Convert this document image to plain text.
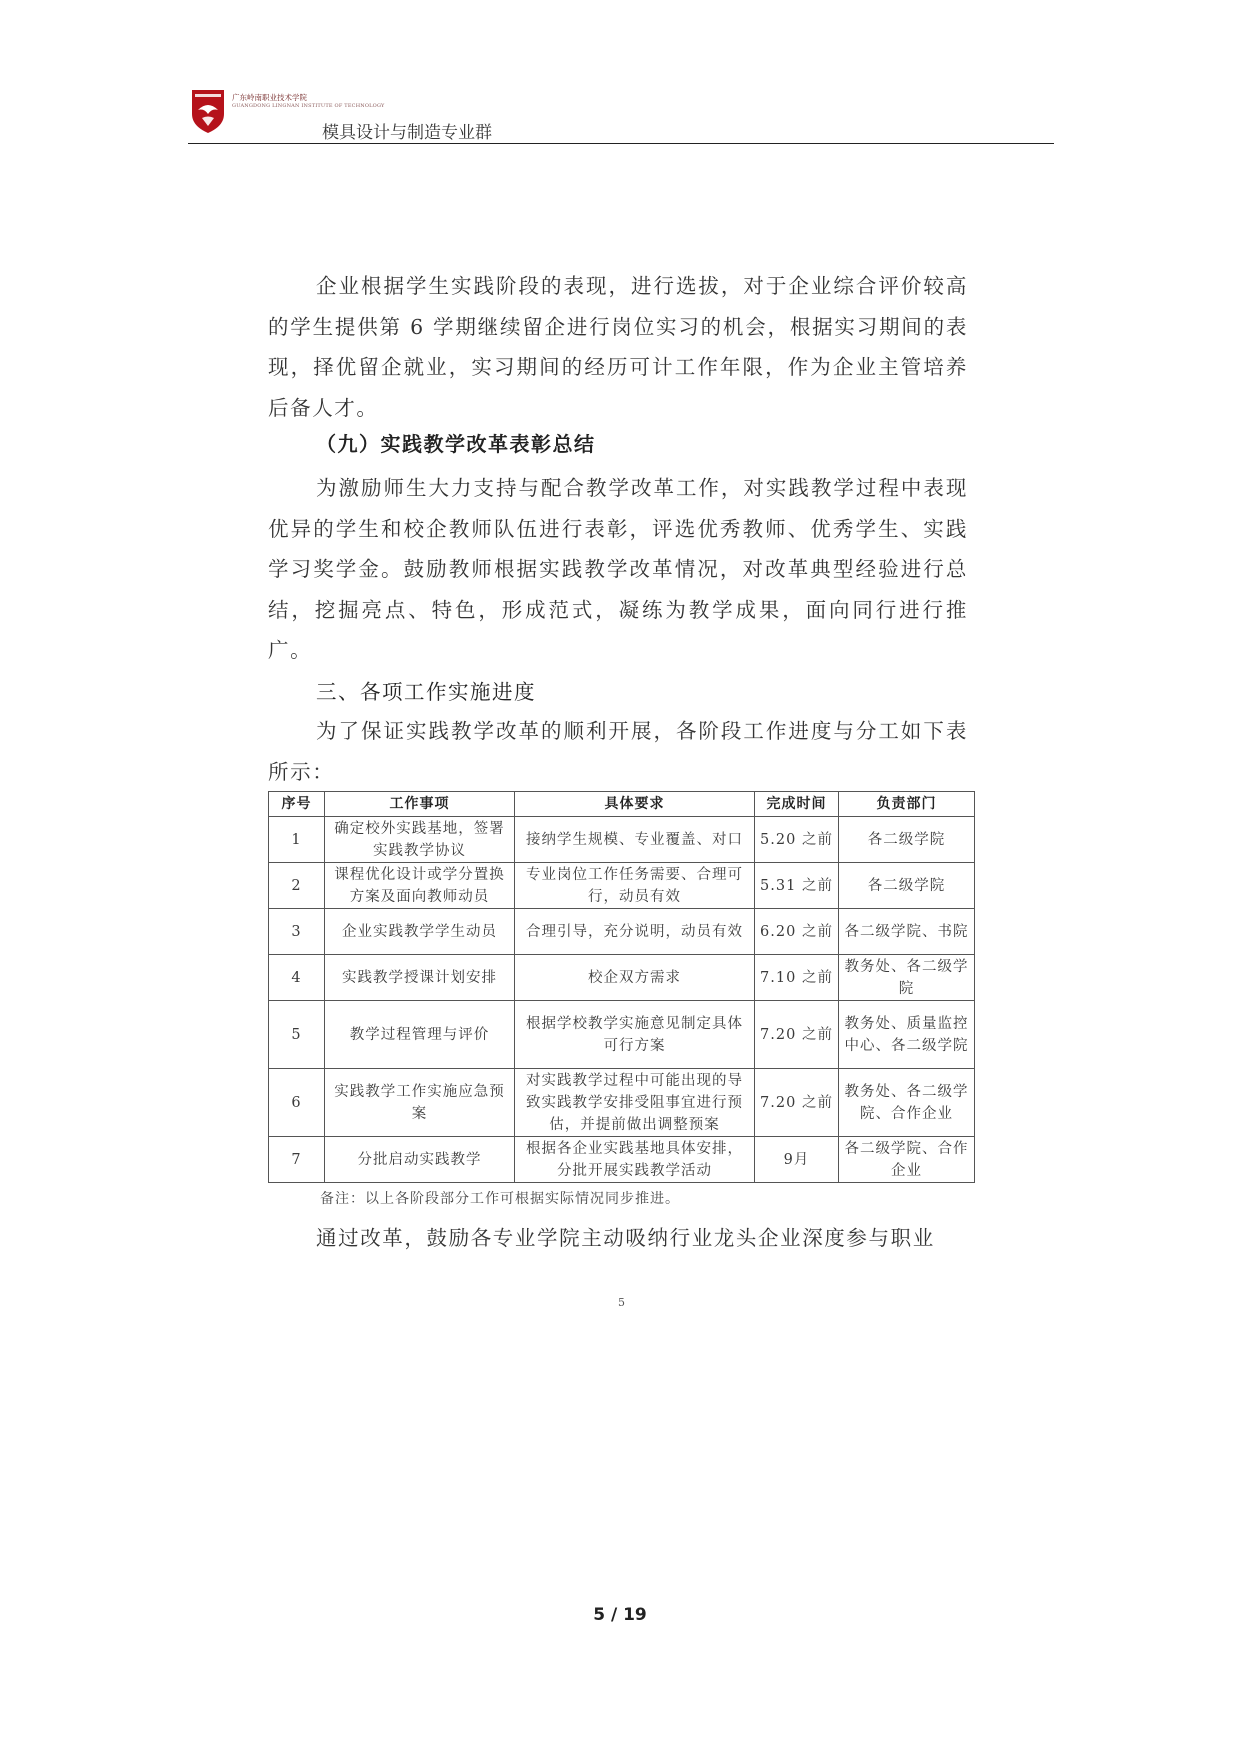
广东岭南职业技术学院
GUANGDONG LINGNAN INSTITUTE OF TECHNOLOGY
模具设计与制造专业群

企业根据学生实践阶段的表现，进行选拔，对于企业综合评价较高的学生提供第 6 学期继续留企进行岗位实习的机会，根据实习期间的表现，择优留企就业，实习期间的经历可计工作年限，作为企业主管培养后备人才。

（九）实践教学改革表彰总结

为激励师生大力支持与配合教学改革工作，对实践教学过程中表现优异的学生和校企教师队伍进行表彰，评选优秀教师、优秀学生、实践学习奖学金。鼓励教师根据实践教学改革情况，对改革典型经验进行总结，挖掘亮点、特色，形成范式，凝练为教学成果，面向同行进行推广。

三、各项工作实施进度

为了保证实践教学改革的顺利开展，各阶段工作进度与分工如下表所示：

序号	工作事项	具体要求	完成时间	负责部门
1	确定校外实践基地，签署实践教学协议	接纳学生规模、专业覆盖、对口	5.20 之前	各二级学院
2	课程优化设计或学分置换方案及面向教师动员	专业岗位工作任务需要、合理可行，动员有效	5.31 之前	各二级学院
3	企业实践教学学生动员	合理引导，充分说明，动员有效	6.20 之前	各二级学院、书院
4	实践教学授课计划安排	校企双方需求	7.10 之前	教务处、各二级学院
5	教学过程管理与评价	根据学校教学实施意见制定具体可行方案	7.20 之前	教务处、质量监控中心、各二级学院
6	实践教学工作实施应急预案	对实践教学过程中可能出现的导致实践教学安排受阻事宜进行预估，并提前做出调整预案	7.20 之前	教务处、各二级学院、合作企业
7	分批启动实践教学	根据各企业实践基地具体安排，分批开展实践教学活动	9月	各二级学院、合作企业
备注：以上各阶段部分工作可根据实际情况同步推进。

通过改革，鼓励各专业学院主动吸纳行业龙头企业深度参与职业

5
5 / 19
